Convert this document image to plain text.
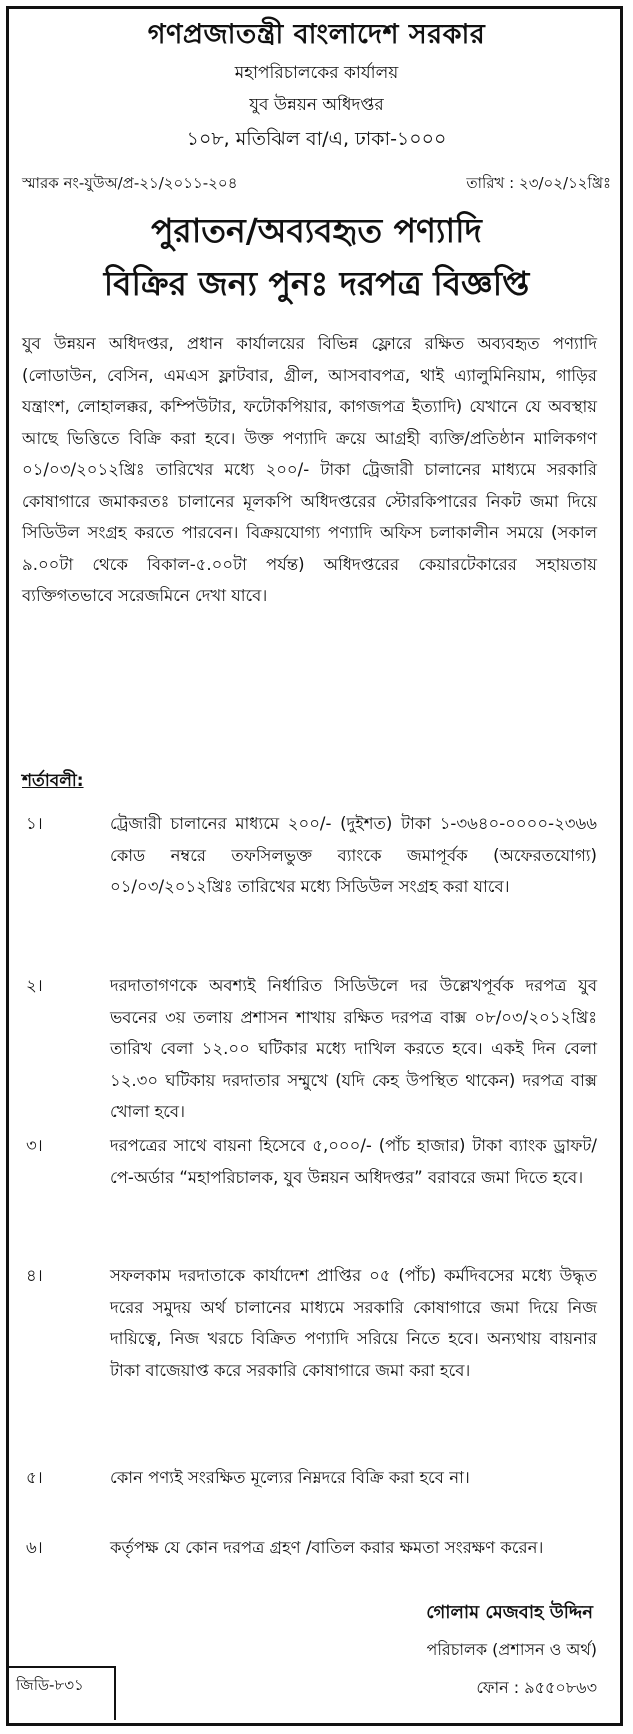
গণপ্রজাতন্ত্রী বাংলাদেশ সরকার
মহাপরিচালকের কার্যালয়
যুব উন্নয়ন অধিদপ্তর
১০৮, মতিঝিল বা/এ, ঢাকা-১০০০
স্মারক নং-যুউঅ/প্র-২১/২০১১-২০৪	তারিখ : ২৩/০২/১২খ্রিঃ
পুরাতন/অব্যবহৃত পণ্যাদি
বিক্রির জন্য পুনঃ দরপত্র বিজ্ঞপ্তি
যুব উন্নয়ন অধিদপ্তর, প্রধান কার্যালয়ের বিভিন্ন ফ্লোরে রক্ষিত অব্যবহৃত পণ্যাদি (লোডাউন, বেসিন, এমএস ফ্লাটবার, গ্রীল, আসবাবপত্র, থাই এ্যালুমিনিয়াম, গাড়ির যন্ত্রাংশ, লোহালক্কর, কম্পিউটার, ফটোকপিয়ার, কাগজপত্র ইত্যাদি) যেখানে যে অবস্থায় আছে ভিত্তিতে বিক্রি করা হবে। উক্ত পণ্যাদি ক্রয়ে আগ্রহী ব্যক্তি/প্রতিষ্ঠান মালিকগণ ০১/০৩/২০১২খ্রিঃ তারিখের মধ্যে ২০০/- টাকা ট্রেজারী চালানের মাধ্যমে সরকারি কোষাগারে জমাকরতঃ চালানের মূলকপি অধিদপ্তরের স্টোরকিপারের নিকট জমা দিয়ে সিডিউল সংগ্রহ করতে পারবেন। বিক্রয়যোগ্য পণ্যাদি অফিস চলাকালীন সময়ে (সকাল ৯.০০টা থেকে বিকাল-৫.০০টা পর্যন্ত) অধিদপ্তরের কেয়ারটেকারের সহায়তায় ব্যক্তিগতভাবে সরেজমিনে দেখা যাবে।
শর্তাবলী:
১।	ট্রেজারী চালানের মাধ্যমে ২০০/- (দুইশত) টাকা ১-৩৬৪০-০০০০-২৩৬৬ কোড নম্বরে তফসিলভুক্ত ব্যাংকে জমাপূর্বক (অফেরতযোগ্য) ০১/০৩/২০১২খ্রিঃ তারিখের মধ্যে সিডিউল সংগ্রহ করা যাবে।
২।	দরদাতাগণকে অবশ্যই নির্ধারিত সিডিউলে দর উল্লেখপূর্বক দরপত্র যুব ভবনের ৩য় তলায় প্রশাসন শাখায় রক্ষিত দরপত্র বাক্স ০৮/০৩/২০১২খ্রিঃ তারিখ বেলা ১২.০০ ঘটিকার মধ্যে দাখিল করতে হবে। একই দিন বেলা ১২.৩০ ঘটিকায় দরদাতার সম্মুখে (যদি কেহ উপস্থিত থাকেন) দরপত্র বাক্স খোলা হবে।
৩।	দরপত্রের সাথে বায়না হিসেবে ৫,০০০/- (পাঁচ হাজার) টাকা ব্যাংক ড্রাফট/পে-অর্ডার “মহাপরিচালক, যুব উন্নয়ন অধিদপ্তর” বরাবরে জমা দিতে হবে।
৪।	সফলকাম দরদাতাকে কার্যাদেশ প্রাপ্তির ০৫ (পাঁচ) কর্মদিবসের মধ্যে উদ্ধৃত দরের সমুদয় অর্থ চালানের মাধ্যমে সরকারি কোষাগারে জমা দিয়ে নিজ দায়িত্বে, নিজ খরচে বিক্রিত পণ্যাদি সরিয়ে নিতে হবে। অন্যথায় বায়নার টাকা বাজেয়াপ্ত করে সরকারি কোষাগারে জমা করা হবে।
৫।	কোন পণ্যই সংরক্ষিত মূল্যের নিম্নদরে বিক্রি করা হবে না।
৬।	কর্তৃপক্ষ যে কোন দরপত্র গ্রহণ /বাতিল করার ক্ষমতা সংরক্ষণ করেন।
গোলাম মেজবাহ উদ্দিন
পরিচালক (প্রশাসন ও অর্থ)
ফোন : ৯৫৫০৮৬৩
জিডি-৮৩১
